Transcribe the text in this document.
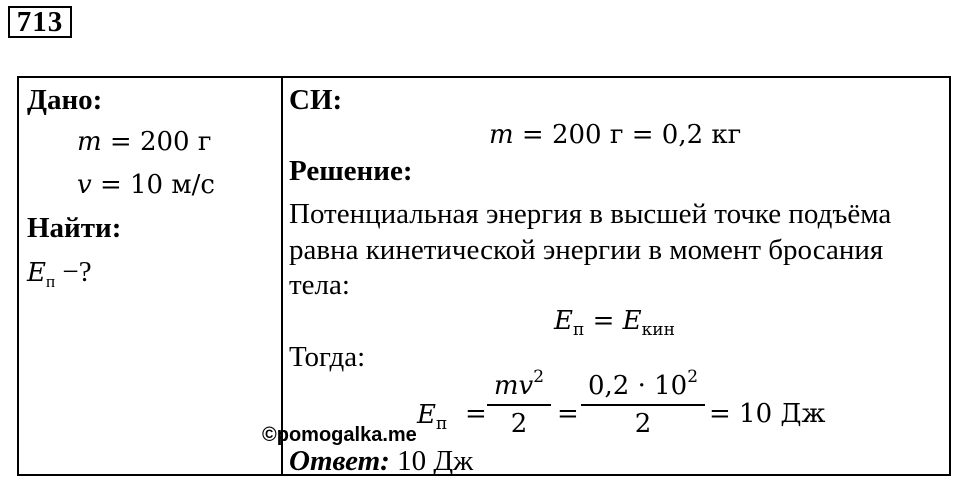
713
Дано:
m = 200 г
v = 10 м/с
Найти:
$E_п$ −?
СИ:
m = 200 г = 0,2 кг
Решение:
Потенциальная энергия в высшей точке подъёма
равна кинетической энергии в момент бросания
тела:
$E_п = E_{кин}$
Тогда:
$E_п$ =
$mv^2$
2	=
$0,2 \cdot 10^2$
2	= 10 Дж
Ответ: 10 Дж
©pomogalka.me
